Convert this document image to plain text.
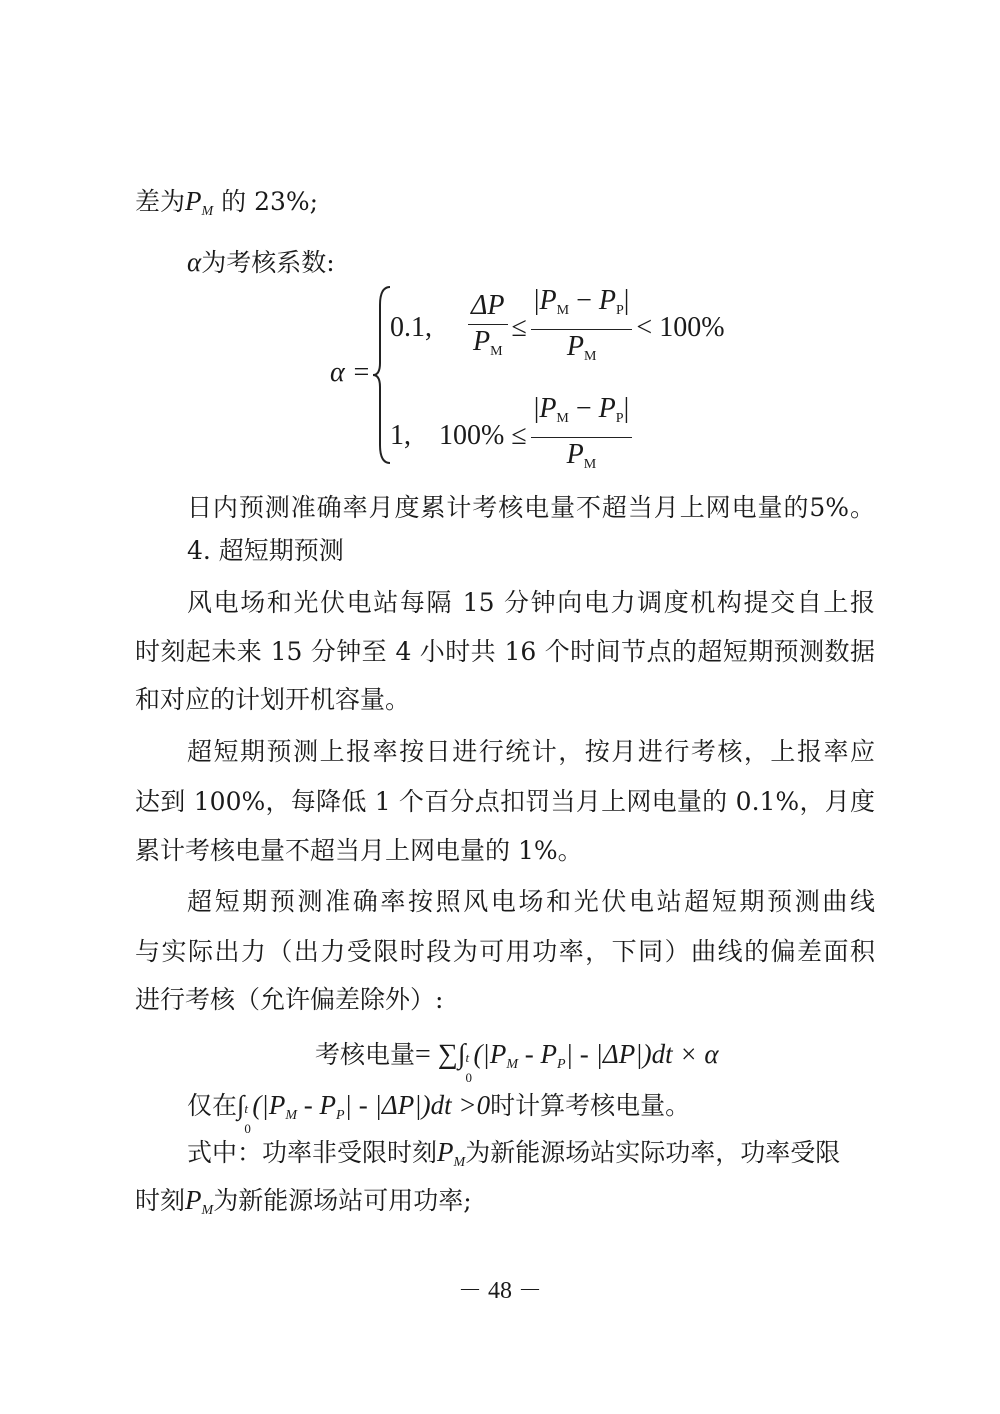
差为$P_M$ 的 23%;
α为考核系数:
α =
0.1, $\frac{\Delta P}{P_M} \le \frac{|P_M - P_P|}{P_M} < 100\%$
1, $100\% \le \frac{|P_M - P_P|}{P_M}$
日内预测准确率月度累计考核电量不超当月上网电量的5%。
4. 超短期预测
风电场和光伏电站每隔 15 分钟向电力调度机构提交自上报
时刻起未来 15 分钟至 4 小时共 16 个时间节点的超短期预测数据
和对应的计划开机容量。
超短期预测上报率按日进行统计，按月进行考核，上报率应
达到 100%，每降低 1 个百分点扣罚当月上网电量的 0.1%，月度
累计考核电量不超当月上网电量的 1%。
超短期预测准确率按照风电场和光伏电站超短期预测曲线
与实际出力（出力受限时段为可用功率，下同）曲线的偏差面积
进行考核（允许偏差除外）:
考核电量= ∑∫ t
0
$(|P_M - P_P| - |\Delta P|)dt \times \alpha$
仅在∫ t
0
$(|P_M - P_P| - |\Delta P|)dt >0$时计算考核电量。
式中：功率非受限时刻$P_M$为新能源场站实际功率，功率受限
时刻$P_M$为新能源场站可用功率;
－ 48 －
